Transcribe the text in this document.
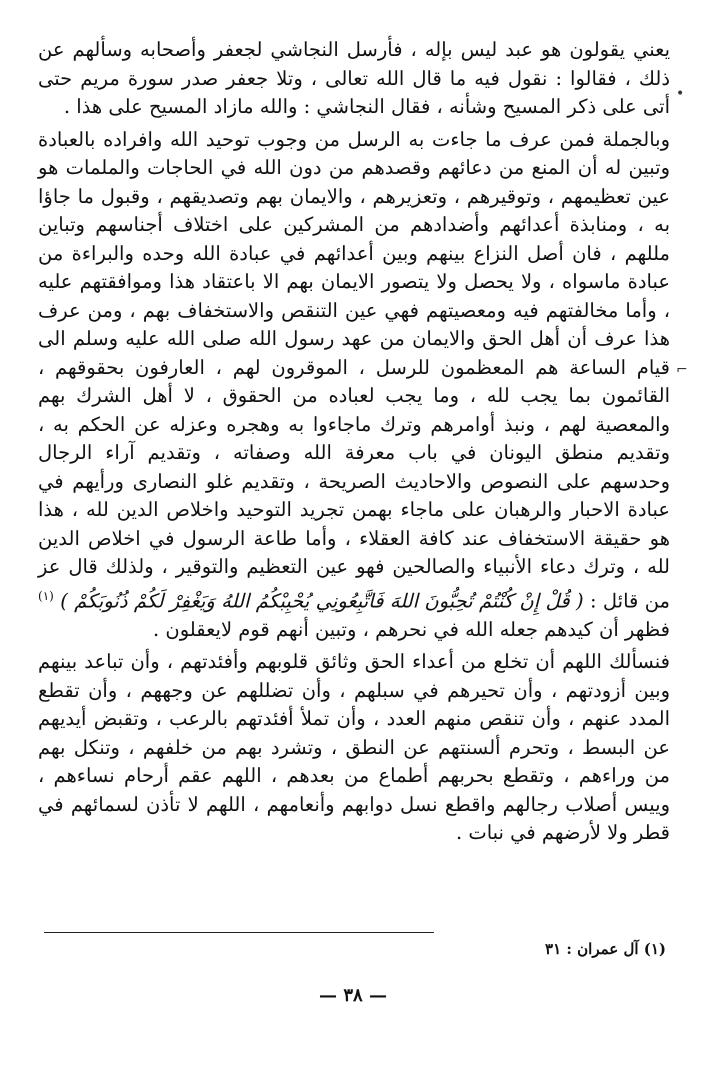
يعني يقولون هو عبد ليس بإله ، فأرسل النجاشي لجعفر وأصحابه وسألهم عن ذلك ، فقالوا : نقول فيه ما قال الله تعالى ، وتلا جعفر صدر سورة مريم حتى أتى على ذكر المسيح وشأنه ، فقال النجاشي : والله مازاد المسيح على هذا .

وبالجملة فمن عرف ما جاءت به الرسل من وجوب توحيد الله وافراده بالعبادة وتبين له أن المنع من دعائهم وقصدهم من دون الله في الحاجات والملمات هو عين تعظيمهم ، وتوقيرهم ، وتعزيرهم ، والايمان بهم وتصديقهم ، وقبول ما جاؤا به ، ومنابذة أعدائهم وأضدادهم من المشركين على اختلاف أجناسهم وتباين مللهم ، فان أصل النزاع بينهم وبين أعدائهم في عبادة الله وحده والبراءة من عبادة ماسواه ، ولا يحصل ولا يتصور الايمان بهم الا باعتقاد هذا وموافقتهم عليه ، وأما مخالفتهم فيه ومعصيتهم فهي عين التنقص والاستخفاف بهم ، ومن عرف هذا عرف أن أهل الحق والايمان من عهد رسول الله صلى الله عليه وسلم الى قيام الساعة هم المعظمون للرسل ، الموقرون لهم ، العارفون بحقوقهم ، القائمون بما يجب لله ، وما يجب لعباده من الحقوق ، لا أهل الشرك بهم والمعصية لهم ، ونبذ أوامرهم وترك ماجاءوا به وهجره وعزله عن الحكم به ، وتقديم منطق اليونان في باب معرفة الله وصفاته ، وتقديم آراء الرجال وحدسهم على النصوص والاحاديث الصريحة ، وتقديم غلو النصارى ورأيهم في عبادة الاحبار والرهبان على ماجاء بهمن تجريد التوحيد واخلاص الدين لله ، هذا هو حقيقة الاستخفاف عند كافة العقلاء ، وأما طاعة الرسول في اخلاص الدين لله ، وترك دعاء الأنبياء والصالحين فهو عين التعظيم والتوقير ، ولذلك قال عز من قائل : ( قُلْ إِنْ كُنْتُمْ تُحِبُّونَ اللهَ فَاتَّبِعُونِي يُحْبِبْكُمُ اللهُ وَيَغْفِرْ لَكُمْ ذُنُوبَكُمْ ) $^{(١)}$ فظهر أن كيدهم جعله الله في نحرهم ، وتبين أنهم قوم لايعقلون .

فنسألك اللهم أن تخلع من أعداء الحق وثائق قلوبهم وأفئدتهم ، وأن تباعد بينهم وبين أزودتهم ، وأن تحيرهم في سبلهم ، وأن تضللهم عن وجههم ، وأن تقطع المدد عنهم ، وأن تنقص منهم العدد ، وأن تملأ أفئدتهم بالرعب ، وتقبض أيديهم عن البسط ، وتحرم ألسنتهم عن النطق ، وتشرد بهم من خلفهم ، وتنكل بهم من وراءهم ، وتقطع بحربهم أطماع من بعدهم ، اللهم عقم أرحام نساءهم ، وييس أصلاب رجالهم واقطع نسل دوابهم وأنعامهم ، اللهم لا تأذن لسمائهم في قطر ولا لأرضهم في نبات .

•
⌐
(١) آل عمران : ٣١
— ٣٨ —
